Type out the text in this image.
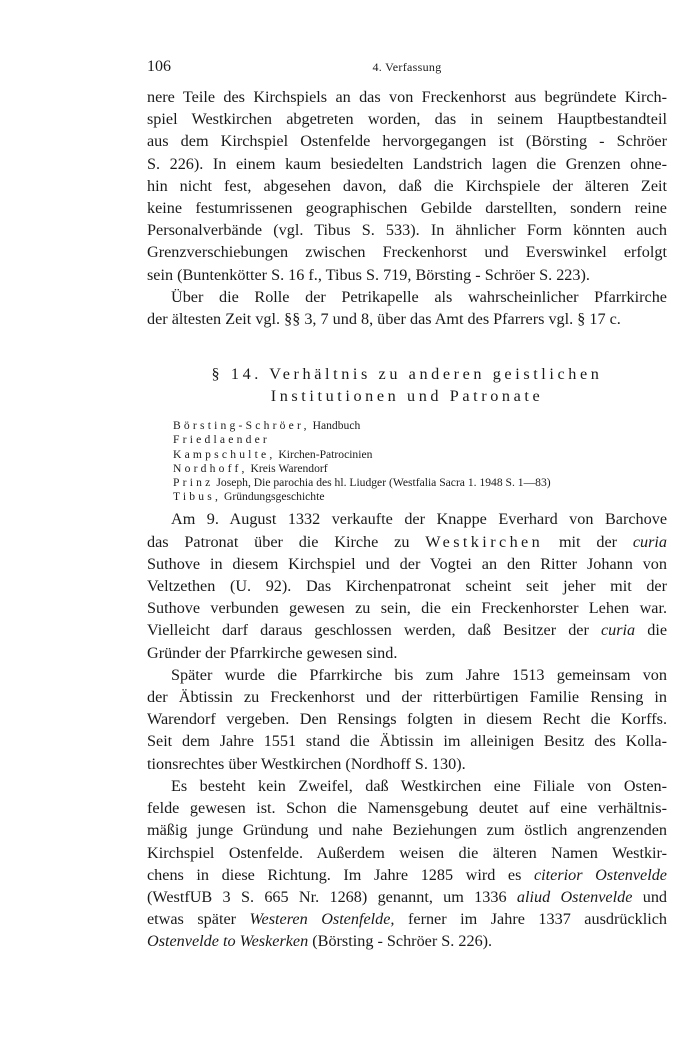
106	4. Verfassung

nere Teile des Kirchspiels an das von Freckenhorst aus begründete Kirch-
spiel Westkirchen abgetreten worden, das in seinem Hauptbestandteil
aus dem Kirchspiel Ostenfelde hervorgegangen ist (Börsting - Schröer
S. 226). In einem kaum besiedelten Landstrich lagen die Grenzen ohne-
hin nicht fest, abgesehen davon, daß die Kirchspiele der älteren Zeit
keine festumrissenen geographischen Gebilde darstellten, sondern reine
Personalverbände (vgl. Tibus S. 533). In ähnlicher Form könnten auch
Grenzverschiebungen zwischen Freckenhorst und Everswinkel erfolgt
sein (Buntenkötter S. 16 f., Tibus S. 719, Börsting - Schröer S. 223).

Über die Rolle der Petrikapelle als wahrscheinlicher Pfarrkirche
der ältesten Zeit vgl. §§ 3, 7 und 8, über das Amt des Pfarrers vgl. § 17 c.

§ 14. Verhältnis zu anderen geistlichen
Institutionen und Patronate
Börsting-Schröer, Handbuch
Friedlaender
Kampschulte, Kirchen-Patrocinien
Nordhoff, Kreis Warendorf
Prinz Joseph, Die parochia des hl. Liudger (Westfalia Sacra 1. 1948 S. 1—83)
Tibus, Gründungsgeschichte

Am 9. August 1332 verkaufte der Knappe Everhard von Barchove
das Patronat über die Kirche zu Westkirchen mit der curia
Suthove in diesem Kirchspiel und der Vogtei an den Ritter Johann von
Veltzethen (U. 92). Das Kirchenpatronat scheint seit jeher mit der
Suthove verbunden gewesen zu sein, die ein Freckenhorster Lehen war.
Vielleicht darf daraus geschlossen werden, daß Besitzer der curia die
Gründer der Pfarrkirche gewesen sind.

Später wurde die Pfarrkirche bis zum Jahre 1513 gemeinsam von
der Äbtissin zu Freckenhorst und der ritterbürtigen Familie Rensing in
Warendorf vergeben. Den Rensings folgten in diesem Recht die Korffs.
Seit dem Jahre 1551 stand die Äbtissin im alleinigen Besitz des Kolla-
tionsrechtes über Westkirchen (Nordhoff S. 130).

Es besteht kein Zweifel, daß Westkirchen eine Filiale von Osten-
felde gewesen ist. Schon die Namensgebung deutet auf eine verhältnis-
mäßig junge Gründung und nahe Beziehungen zum östlich angrenzenden
Kirchspiel Ostenfelde. Außerdem weisen die älteren Namen Westkir-
chens in diese Richtung. Im Jahre 1285 wird es citerior Ostenvelde
(WestfUB 3 S. 665 Nr. 1268) genannt, um 1336 aliud Ostenvelde und
etwas später Westeren Ostenfelde, ferner im Jahre 1337 ausdrücklich
Ostenvelde to Weskerken (Börsting - Schröer S. 226).
